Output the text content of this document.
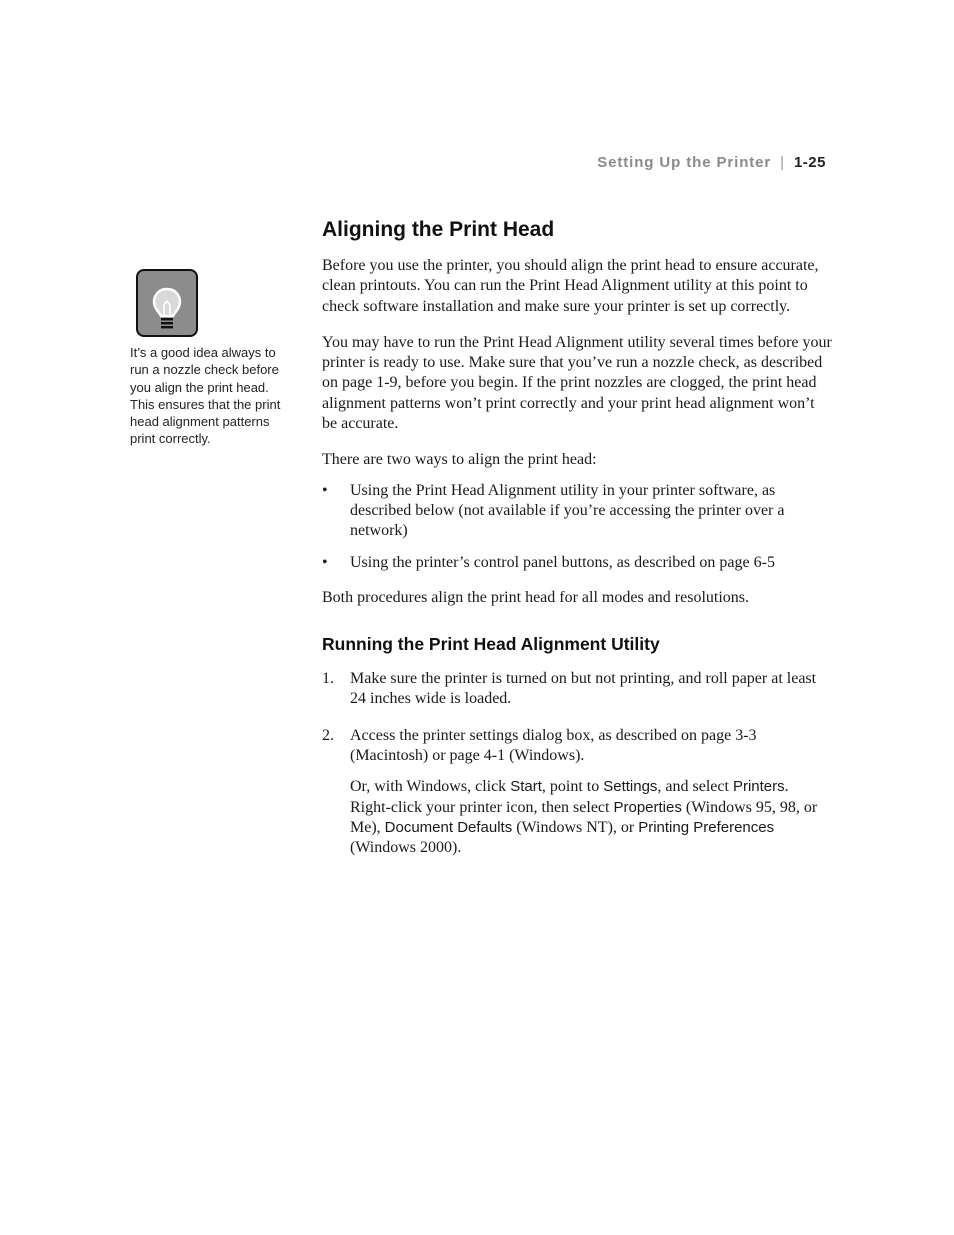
Setting Up the Printer | 1-25
It’s a good idea always to run a nozzle check before you align the print head. This ensures that the print head alignment patterns print correctly.
Aligning the Print Head

Before you use the printer, you should align the print head to ensure accurate, clean printouts. You can run the Print Head Alignment utility at this point to check software installation and make sure your printer is set up correctly.

You may have to run the Print Head Alignment utility several times before your printer is ready to use. Make sure that you’ve run a nozzle check, as described on page 1-9, before you begin. If the print nozzles are clogged, the print head alignment patterns won’t print correctly and your print head alignment won’t be accurate.

There are two ways to align the print head:

• Using the Print Head Alignment utility in your printer software, as described below (not available if you’re accessing the printer over a network)
• Using the printer’s control panel buttons, as described on page 6-5

Both procedures align the print head for all modes and resolutions.

Running the Print Head Alignment Utility
1. Make sure the printer is turned on but not printing, and roll paper at least 24 inches wide is loaded.
2. Access the printer settings dialog box, as described on page 3-3 (Macintosh) or page 4-1 (Windows).

Or, with Windows, click Start, point to Settings, and select Printers. Right-click your printer icon, then select Properties (Windows 95, 98, or Me), Document Defaults (Windows NT), or Printing Preferences (Windows 2000).
